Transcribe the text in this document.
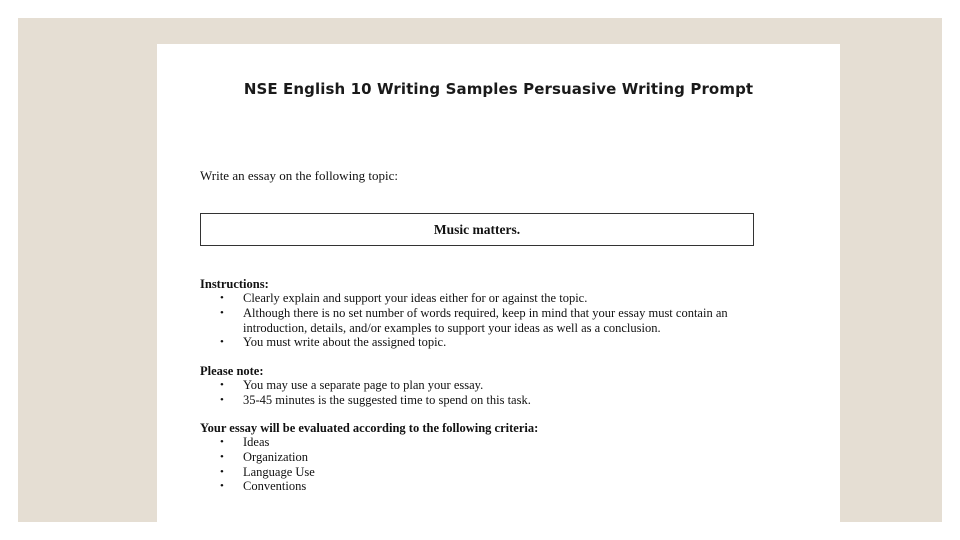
NSE English 10 Writing Samples Persuasive Writing Prompt
Write an essay on the following topic:
Music matters.
Instructions:
• Clearly explain and support your ideas either for or against the topic.
• Although there is no set number of words required, keep in mind that your essay must contain an introduction, details, and/or examples to support your ideas as well as a conclusion.
• You must write about the assigned topic.
Please note:
• You may use a separate page to plan your essay.
• 35-45 minutes is the suggested time to spend on this task.
Your essay will be evaluated according to the following criteria:
• Ideas
• Organization
• Language Use
• Conventions
